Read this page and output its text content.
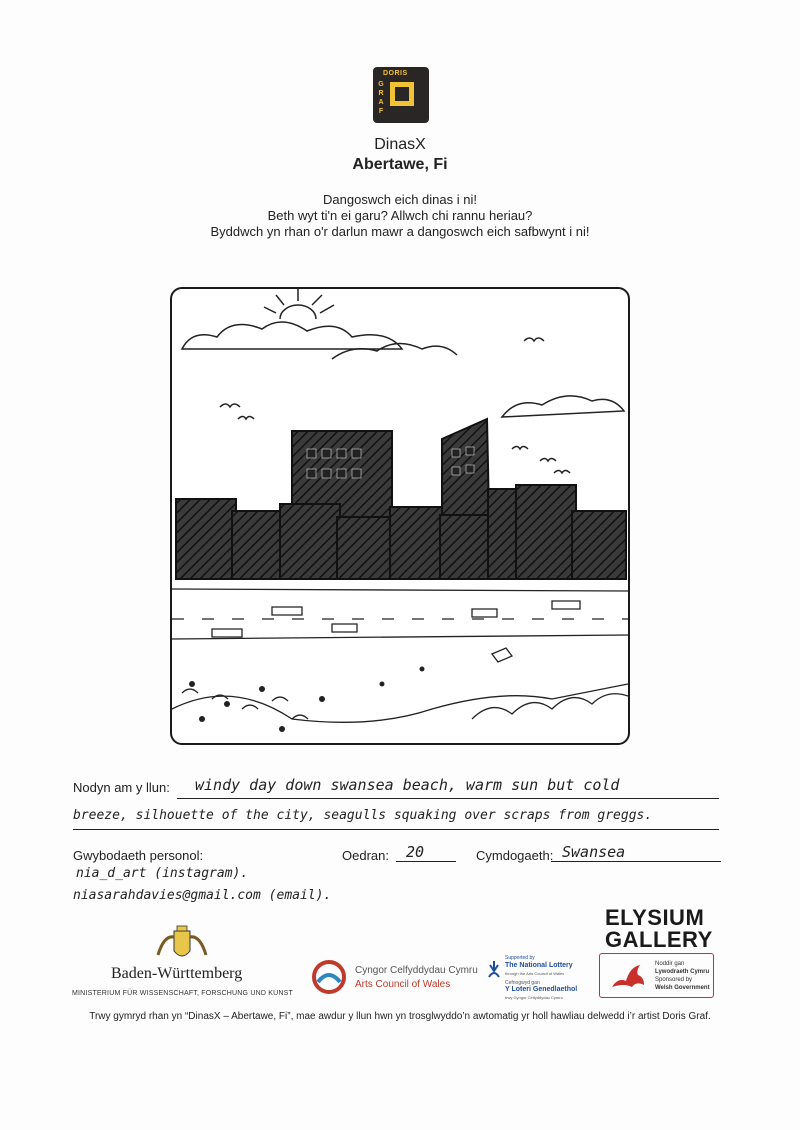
DORIS
G
R
A
F
DinasX
Abertawe, Fi
Dangoswch eich dinas i ni!
Beth wyt ti'n ei garu? Allwch chi rannu heriau?
Byddwch yn rhan o'r darlun mawr a dangoswch eich safbwynt i ni!
Nodyn am y llun: windy day down swansea beach, warm sun but cold
breeze, silhouette of the city, seagulls squaking over scraps from greggs.
Gwybodaeth personol:
nia_d_art (instagram).
niasarahdavies@gmail.com (email).
Oedran: 20	Cymdogaeth: Swansea
Baden-Württemberg
MINISTERIUM FÜR WISSENSCHAFT, FORSCHUNG UND KUNST
Cyngor Celfyddydau Cymru
Arts Council of Wales
Supported by
The National Lottery
through the Arts Council of Wales
Cefnogwyd gan
Y Loteri Genedlaethol
trwy Gyngor Celfyddydau Cymru
ELYSIUM
GALLERY
Noddir gan
Lywodraeth Cymru
Sponsored by
Welsh Government
Trwy gymryd rhan yn “DinasX – Abertawe, Fi”, mae awdur y llun hwn yn trosglwyddo’n awtomatig yr holl hawliau delwedd i’r artist Doris Graf.
